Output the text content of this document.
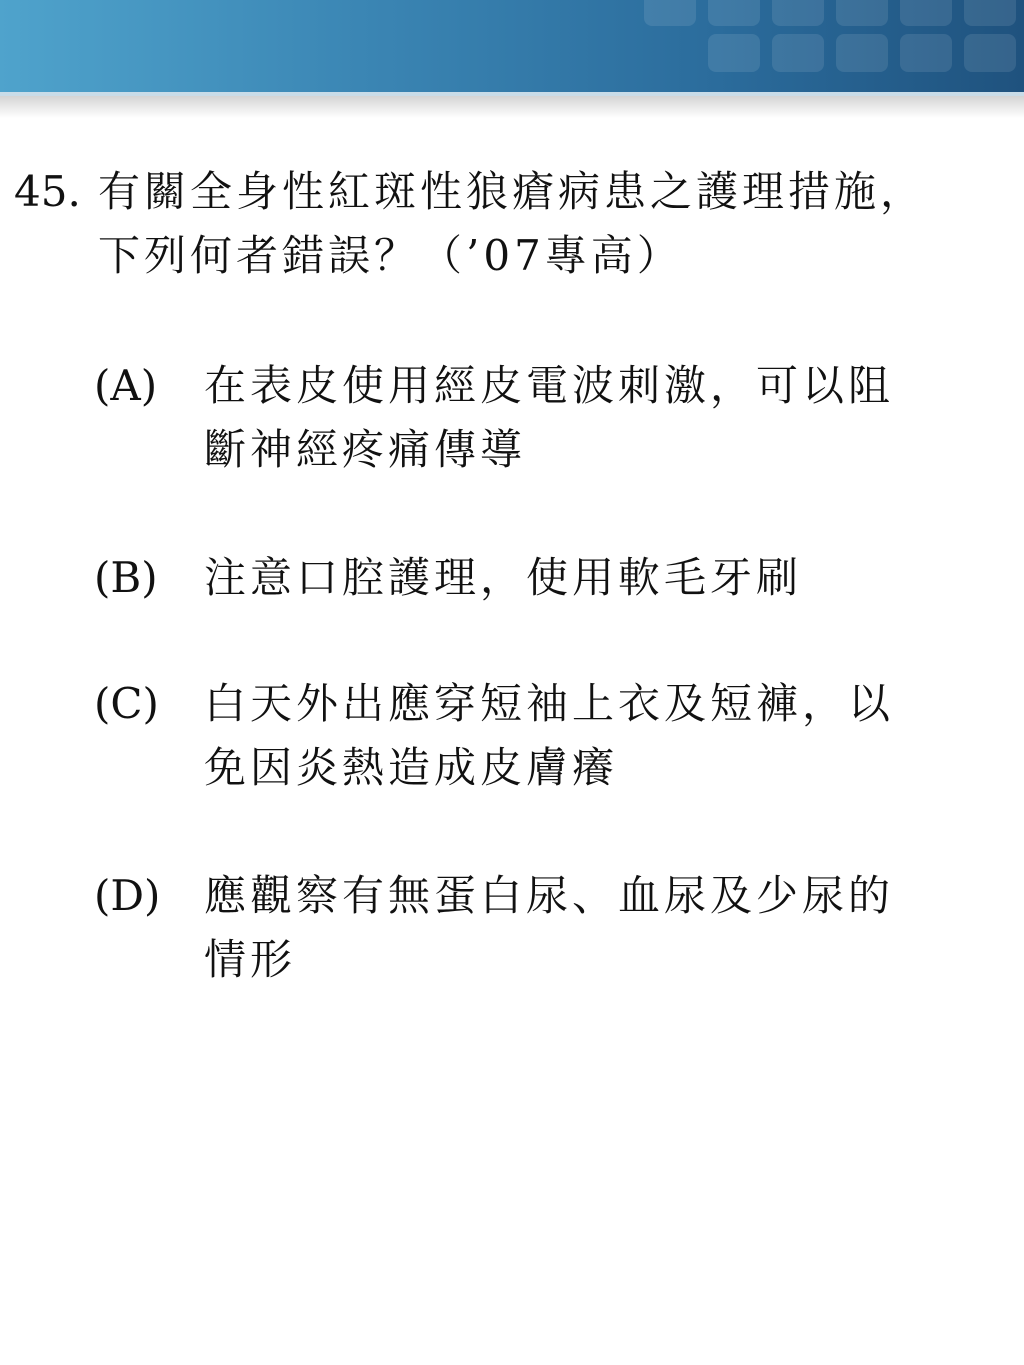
45. 有關全身性紅斑性狼瘡病患之護理措施，
下列何者錯誤？（’07專高）
(A) 在表皮使用經皮電波刺激，可以阻
斷神經疼痛傳導
(B) 注意口腔護理，使用軟毛牙刷
(C) 白天外出應穿短袖上衣及短褲，以
免因炎熱造成皮膚癢
(D) 應觀察有無蛋白尿、血尿及少尿的
情形
